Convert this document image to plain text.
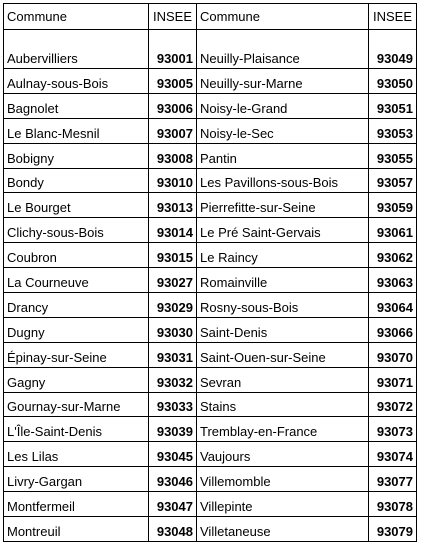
Commune	INSEE	Commune	INSEE
Aubervilliers	93001	Neuilly-Plaisance	93049
Aulnay-sous-Bois	93005	Neuilly-sur-Marne	93050
Bagnolet	93006	Noisy-le-Grand	93051
Le Blanc-Mesnil	93007	Noisy-le-Sec	93053
Bobigny	93008	Pantin	93055
Bondy	93010	Les Pavillons-sous-Bois	93057
Le Bourget	93013	Pierrefitte-sur-Seine	93059
Clichy-sous-Bois	93014	Le Pré Saint-Gervais	93061
Coubron	93015	Le Raincy	93062
La Courneuve	93027	Romainville	93063
Drancy	93029	Rosny-sous-Bois	93064
Dugny	93030	Saint-Denis	93066
Épinay-sur-Seine	93031	Saint-Ouen-sur-Seine	93070
Gagny	93032	Sevran	93071
Gournay-sur-Marne	93033	Stains	93072
L'Île-Saint-Denis	93039	Tremblay-en-France	93073
Les Lilas	93045	Vaujours	93074
Livry-Gargan	93046	Villemomble	93077
Montfermeil	93047	Villepinte	93078
Montreuil	93048	Villetaneuse	93079
